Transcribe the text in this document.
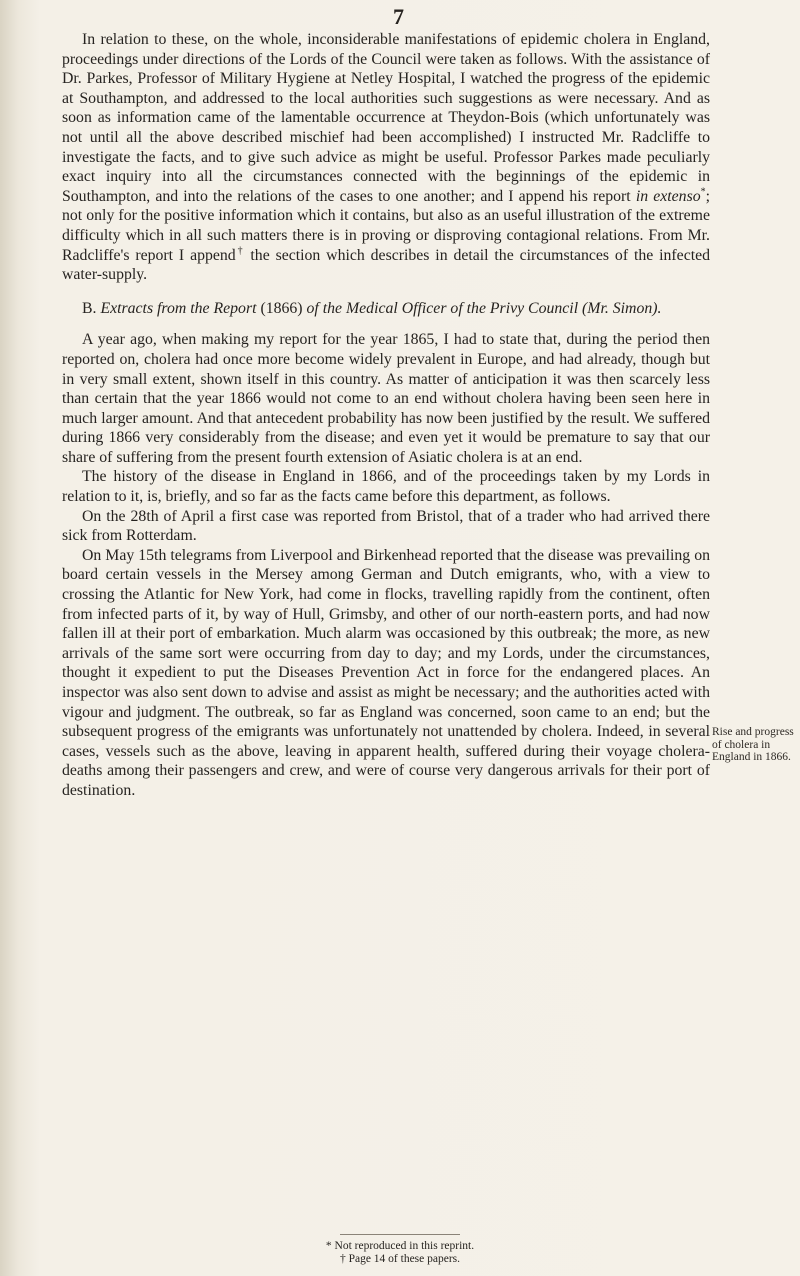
7

In relation to these, on the whole, inconsiderable manifestations of epidemic cholera in England, proceedings under directions of the Lords of the Council were taken as follows. With the assistance of Dr. Parkes, Professor of Military Hygiene at Netley Hospital, I watched the progress of the epidemic at Southampton, and addressed to the local authorities such suggestions as were necessary. And as soon as information came of the lamentable occurrence at Theydon-Bois (which unfortunately was not until all the above described mischief had been accomplished) I instructed Mr. Radcliffe to investigate the facts, and to give such advice as might be useful. Professor Parkes made peculiarly exact inquiry into all the circumstances connected with the beginnings of the epidemic in Southampton, and into the relations of the cases to one another; and I append his report in extenso*; not only for the positive information which it contains, but also as an useful illustration of the extreme difficulty which in all such matters there is in proving or disproving contagional relations. From Mr. Radcliffe's report I append† the section which describes in detail the circumstances of the infected water-supply.

B. Extracts from the Report (1866) of the Medical Officer of the Privy Council (Mr. Simon).

A year ago, when making my report for the year 1865, I had to state that, during the period then reported on, cholera had once more become widely prevalent in Europe, and had already, though but in very small extent, shown itself in this country. As matter of anticipation it was then scarcely less than certain that the year 1866 would not come to an end without cholera having been seen here in much larger amount. And that antecedent probability has now been justified by the result. We suffered during 1866 very considerably from the disease; and even yet it would be premature to say that our share of suffering from the present fourth extension of Asiatic cholera is at an end.

The history of the disease in England in 1866, and of the proceedings taken by my Lords in relation to it, is, briefly, and so far as the facts came before this department, as follows.

On the 28th of April a first case was reported from Bristol, that of a trader who had arrived there sick from Rotterdam.

On May 15th telegrams from Liverpool and Birkenhead reported that the disease was prevailing on board certain vessels in the Mersey among German and Dutch emigrants, who, with a view to crossing the Atlantic for New York, had come in flocks, travelling rapidly from the continent, often from infected parts of it, by way of Hull, Grimsby, and other of our north-eastern ports, and had now fallen ill at their port of embarkation. Much alarm was occasioned by this outbreak; the more, as new arrivals of the same sort were occurring from day to day; and my Lords, under the circumstances, thought it expedient to put the Diseases Prevention Act in force for the endangered places. An inspector was also sent down to advise and assist as might be necessary; and the authorities acted with vigour and judgment. The outbreak, so far as England was concerned, soon came to an end; but the subsequent progress of the emigrants was unfortunately not unattended by cholera. Indeed, in several cases, vessels such as the above, leaving in apparent health, suffered during their voyage cholera-deaths among their passengers and crew, and were of course very dangerous arrivals for their port of destination.

Rise and progress of cholera in England in 1866.
* Not reproduced in this reprint.
† Page 14 of these papers.
